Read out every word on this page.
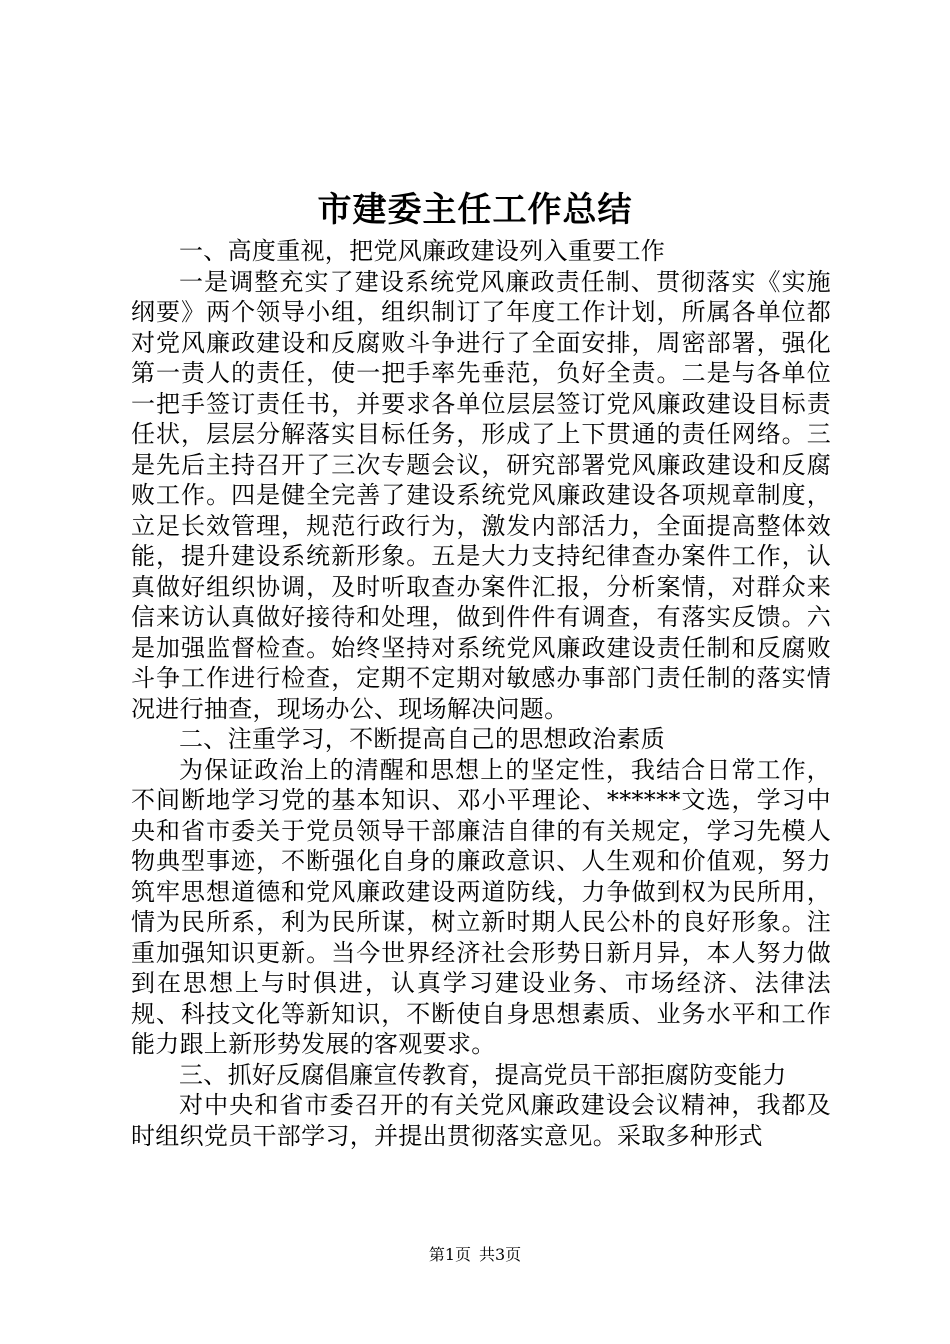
市建委主任工作总结

一、高度重视，把党风廉政建设列入重要工作

一是调整充实了建设系统党风廉政责任制、贯彻落实《实施纲要》两个领导小组，组织制订了年度工作计划，所属各单位都对党风廉政建设和反腐败斗争进行了全面安排，周密部署，强化第一责人的责任，使一把手率先垂范，负好全责。二是与各单位一把手签订责任书，并要求各单位层层签订党风廉政建设目标责任状，层层分解落实目标任务，形成了上下贯通的责任网络。三是先后主持召开了三次专题会议，研究部署党风廉政建设和反腐败工作。四是健全完善了建设系统党风廉政建设各项规章制度，立足长效管理，规范行政行为，激发内部活力，全面提高整体效能，提升建设系统新形象。五是大力支持纪律查办案件工作，认真做好组织协调，及时听取查办案件汇报，分析案情，对群众来信来访认真做好接待和处理，做到件件有调查，有落实反馈。六是加强监督检查。始终坚持对系统党风廉政建设责任制和反腐败斗争工作进行检查，定期不定期对敏感办事部门责任制的落实情况进行抽查，现场办公、现场解决问题。

二、注重学习，不断提高自己的思想政治素质

为保证政治上的清醒和思想上的坚定性，我结合日常工作，不间断地学习党的基本知识、邓小平理论、******文选，学习中央和省市委关于党员领导干部廉洁自律的有关规定，学习先模人物典型事迹，不断强化自身的廉政意识、人生观和价值观，努力筑牢思想道德和党风廉政建设两道防线，力争做到权为民所用，情为民所系，利为民所谋，树立新时期人民公朴的良好形象。注重加强知识更新。当今世界经济社会形势日新月异，本人努力做到在思想上与时俱进，认真学习建设业务、市场经济、法律法规、科技文化等新知识，不断使自身思想素质、业务水平和工作能力跟上新形势发展的客观要求。

三、抓好反腐倡廉宣传教育，提高党员干部拒腐防变能力

对中央和省市委召开的有关党风廉政建设会议精神，我都及时组织党员干部学习，并提出贯彻落实意见。采取多种形式

第1页 共3页
